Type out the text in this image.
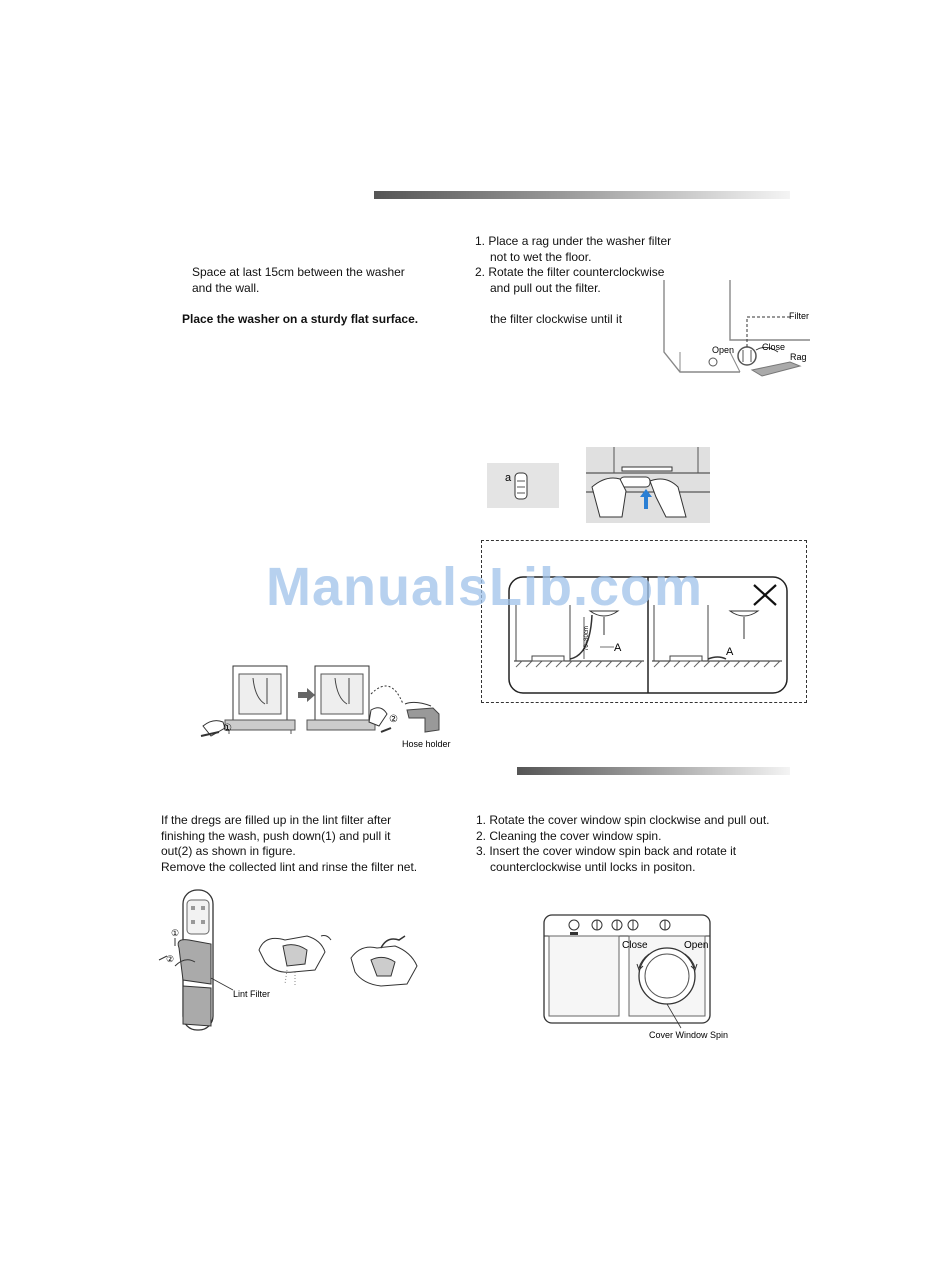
Space at last 15cm between the washer
and the wall.
Place the washer on a sturdy flat surface.
1. Place a rag under the washer filter
not to wet the floor.
2. Rotate the filter counterclockwise
and pull out the filter.
the filter clockwise until it	Filter
Open	Close
Rag
a
70~80cm A	A
ManualsLib.com
①
②
Hose holder
If the dregs are filled up in the lint filter after
finishing the wash, push down(1) and pull it
out(2) as shown in figure.
Remove the collected lint and rinse the filter net.
1. Rotate the cover window spin clockwise and pull out.
2. Cleaning the cover window spin.
3. Insert the cover window spin back and rotate it
counterclockwise until locks in positon.
①
②
Lint Filter
Close	Open
Cover Window Spin
